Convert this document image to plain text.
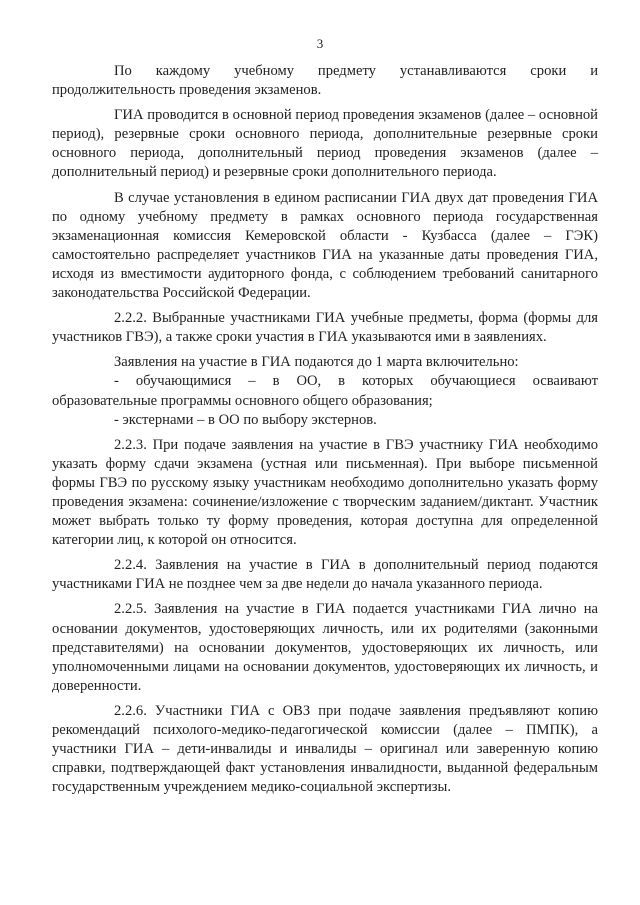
3

По каждому учебному предмету устанавливаются сроки и продолжительность проведения экзаменов.

ГИА проводится в основной период проведения экзаменов (далее – основной период), резервные сроки основного периода, дополнительные резервные сроки основного периода, дополнительный период проведения экзаменов (далее – дополнительный период) и резервные сроки дополнительного периода.

В случае установления в едином расписании ГИА двух дат проведения ГИА по одному учебному предмету в рамках основного периода государственная экзаменационная комиссия Кемеровской области - Кузбасса (далее – ГЭК) самостоятельно распределяет участников ГИА на указанные даты проведения ГИА, исходя из вместимости аудиторного фонда, с соблюдением требований санитарного законодательства Российской Федерации.

2.2.2. Выбранные участниками ГИА учебные предметы, форма (формы для участников ГВЭ), а также сроки участия в ГИА указываются ими в заявлениях.

Заявления на участие в ГИА подаются до 1 марта включительно:

- обучающимися – в ОО, в которых обучающиеся осваивают образовательные программы основного общего образования;

- экстернами – в ОО по выбору экстернов.

2.2.3. При подаче заявления на участие в ГВЭ участнику ГИА необходимо указать форму сдачи экзамена (устная или письменная). При выборе письменной формы ГВЭ по русскому языку участникам необходимо дополнительно указать форму проведения экзамена: сочинение/изложение с творческим заданием/диктант. Участник может выбрать только ту форму проведения, которая доступна для определенной категории лиц, к которой он относится.

2.2.4. Заявления на участие в ГИА в дополнительный период подаются участниками ГИА не позднее чем за две недели до начала указанного периода.

2.2.5. Заявления на участие в ГИА подается участниками ГИА лично на основании документов, удостоверяющих личность, или их родителями (законными представителями) на основании документов, удостоверяющих их личность, или уполномоченными лицами на основании документов, удостоверяющих их личность, и доверенности.

2.2.6. Участники ГИА с ОВЗ при подаче заявления предъявляют копию рекомендаций психолого-медико-педагогической комиссии (далее – ПМПК), а участники ГИА – дети-инвалиды и инвалиды – оригинал или заверенную копию справки, подтверждающей факт установления инвалидности, выданной федеральным государственным учреждением медико-социальной экспертизы.
